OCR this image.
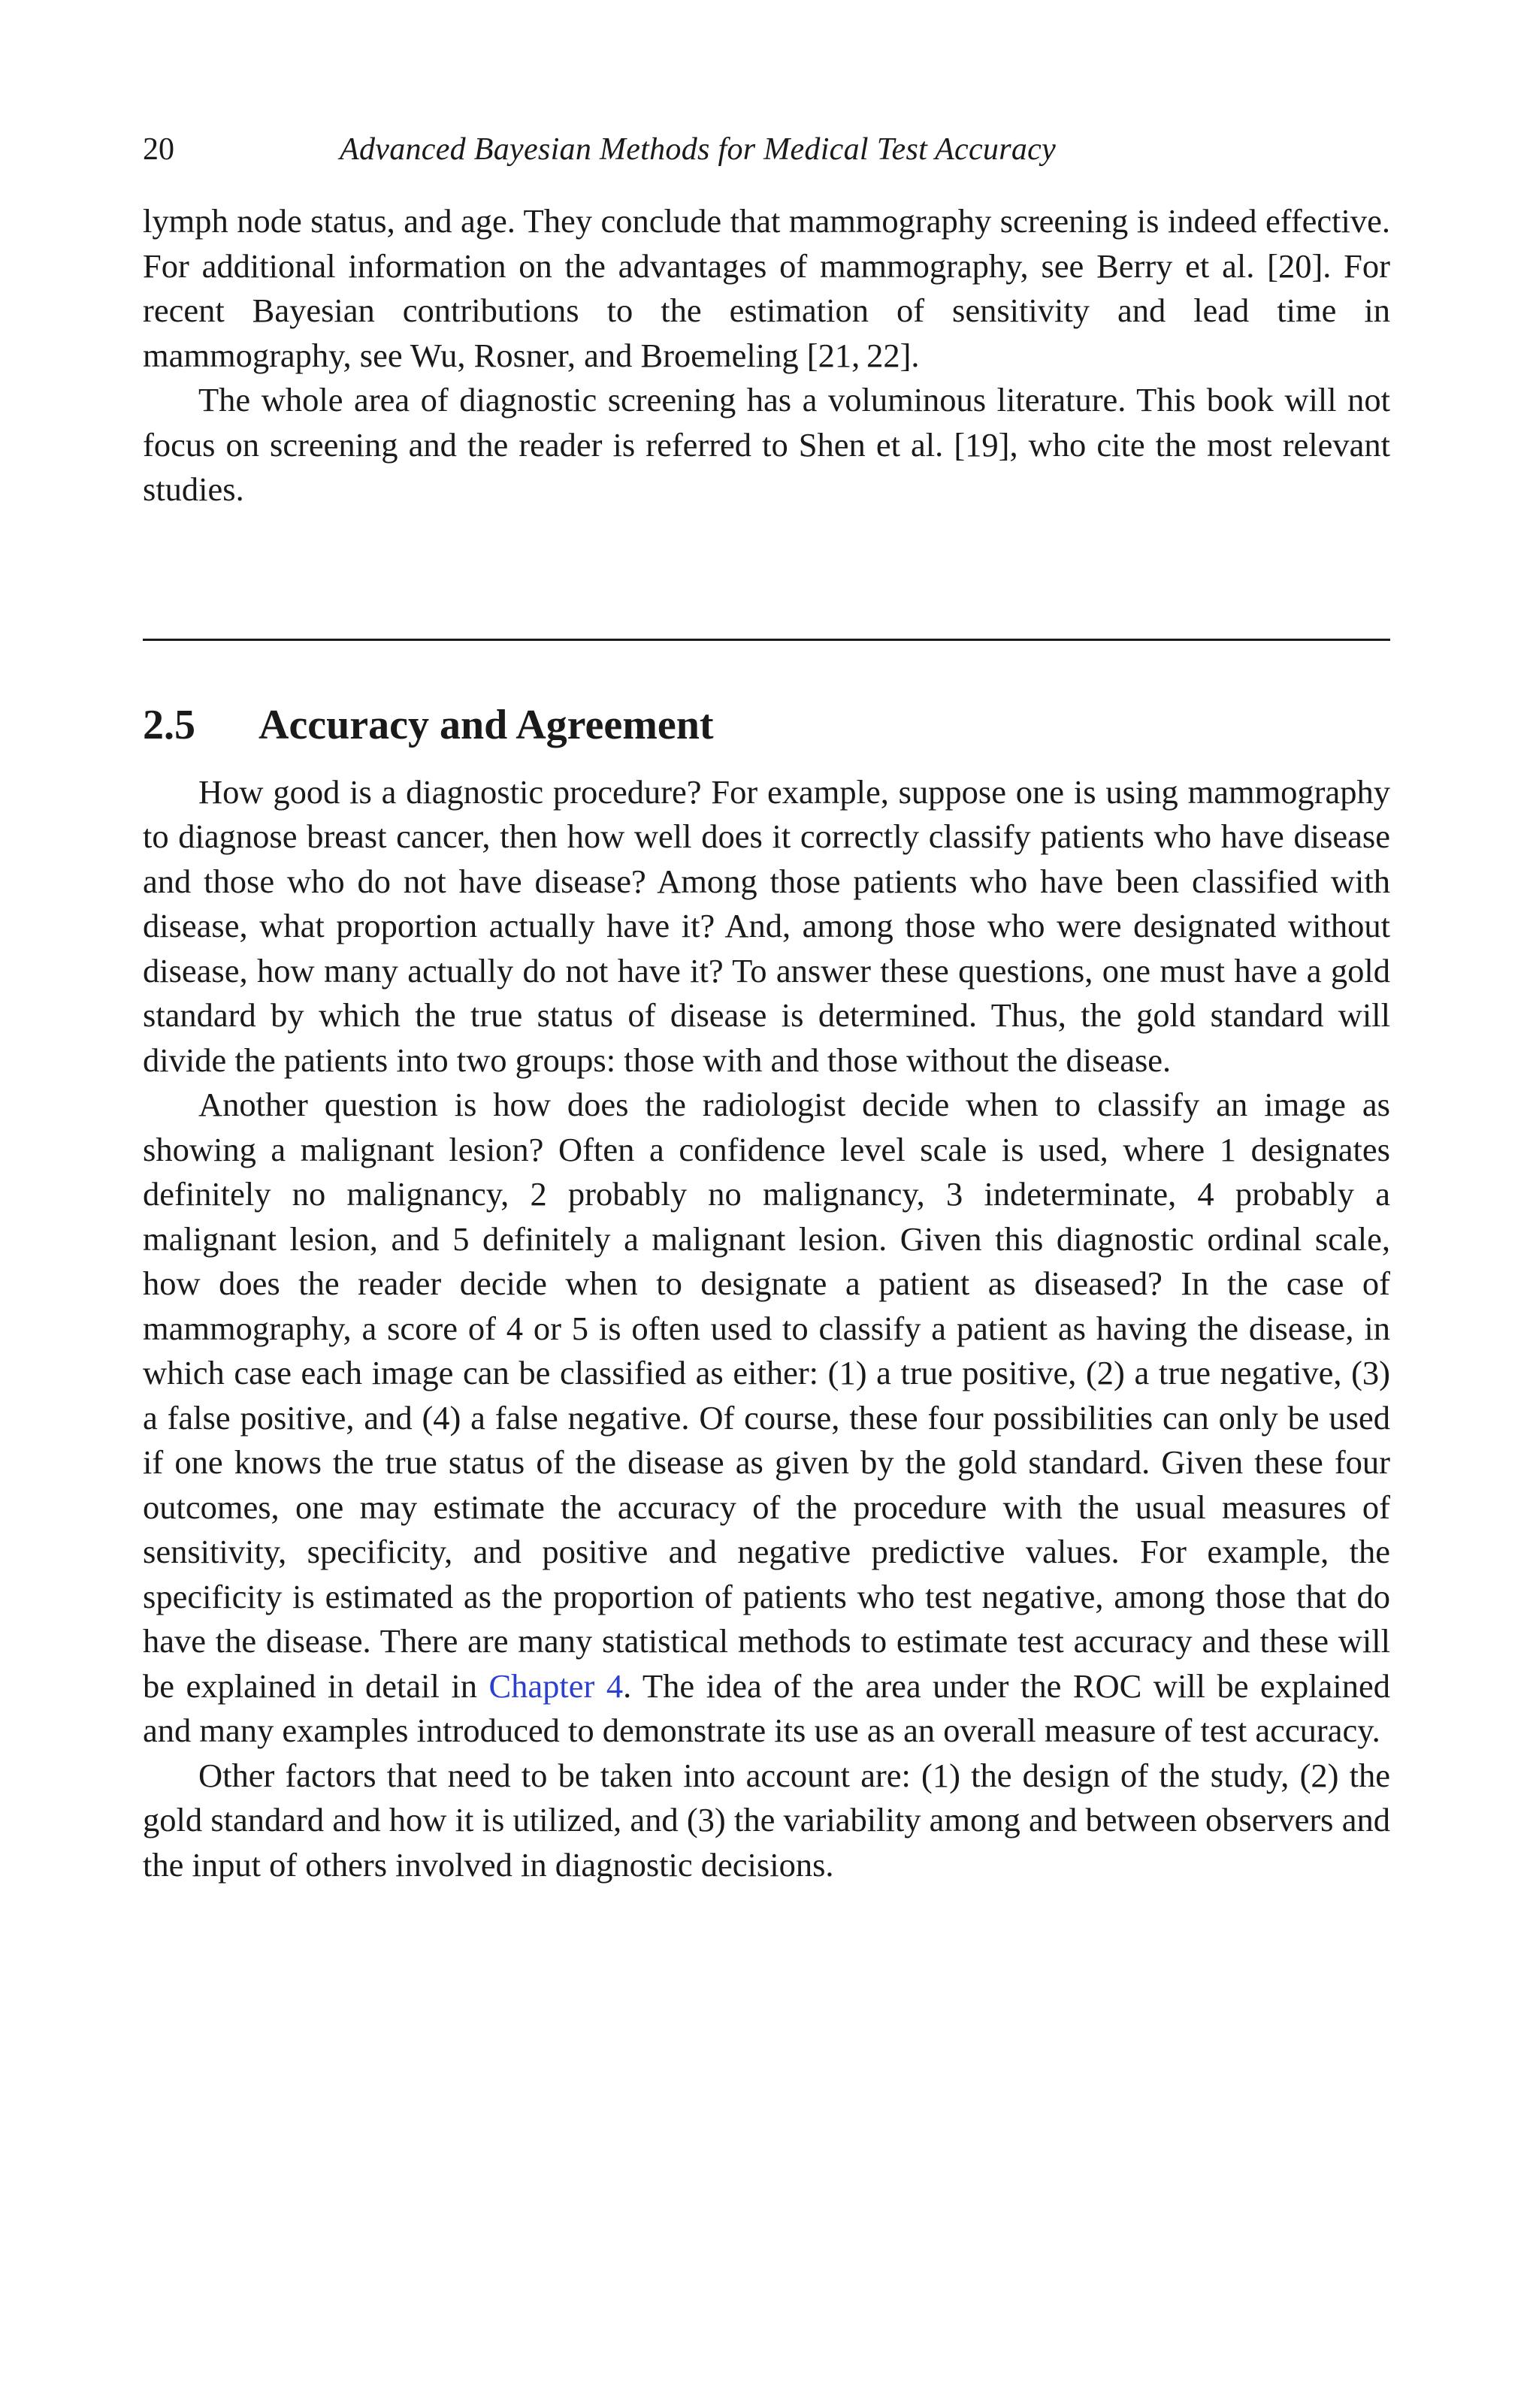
20	Advanced Bayesian Methods for Medical Test Accuracy

lymph node status, and age. They conclude that mammography screening is indeed effective. For additional information on the advantages of mammography, see Berry et al. [20]. For recent Bayesian contributions to the estimation of sensitivity and lead time in mammography, see Wu, Rosner, and Broemeling [21, 22].

The whole area of diagnostic screening has a voluminous literature. This book will not focus on screening and the reader is referred to Shen et al. [19], who cite the most relevant studies.

2.5 Accuracy and Agreement

How good is a diagnostic procedure? For example, suppose one is using mammography to diagnose breast cancer, then how well does it correctly classify patients who have disease and those who do not have disease? Among those patients who have been classified with disease, what proportion actually have it? And, among those who were designated without disease, how many actually do not have it? To answer these questions, one must have a gold standard by which the true status of disease is determined. Thus, the gold standard will divide the patients into two groups: those with and those without the disease.

Another question is how does the radiologist decide when to classify an image as showing a malignant lesion? Often a confidence level scale is used, where 1 designates definitely no malignancy, 2 probably no malignancy, 3 indeterminate, 4 probably a malignant lesion, and 5 definitely a malignant lesion. Given this diagnostic ordinal scale, how does the reader decide when to designate a patient as diseased? In the case of mammography, a score of 4 or 5 is often used to classify a patient as having the disease, in which case each image can be classified as either: (1) a true positive, (2) a true negative, (3) a false positive, and (4) a false negative. Of course, these four possibilities can only be used if one knows the true status of the disease as given by the gold standard. Given these four outcomes, one may estimate the accuracy of the procedure with the usual measures of sensitivity, specificity, and positive and negative predictive values. For example, the specificity is estimated as the proportion of patients who test negative, among those that do have the disease. There are many statistical methods to estimate test accuracy and these will be explained in detail in Chapter 4. The idea of the area under the ROC will be explained and many examples introduced to demonstrate its use as an overall measure of test accuracy.

Other factors that need to be taken into account are: (1) the design of the study, (2) the gold standard and how it is utilized, and (3) the variability among and between observers and the input of others involved in diagnostic decisions.
